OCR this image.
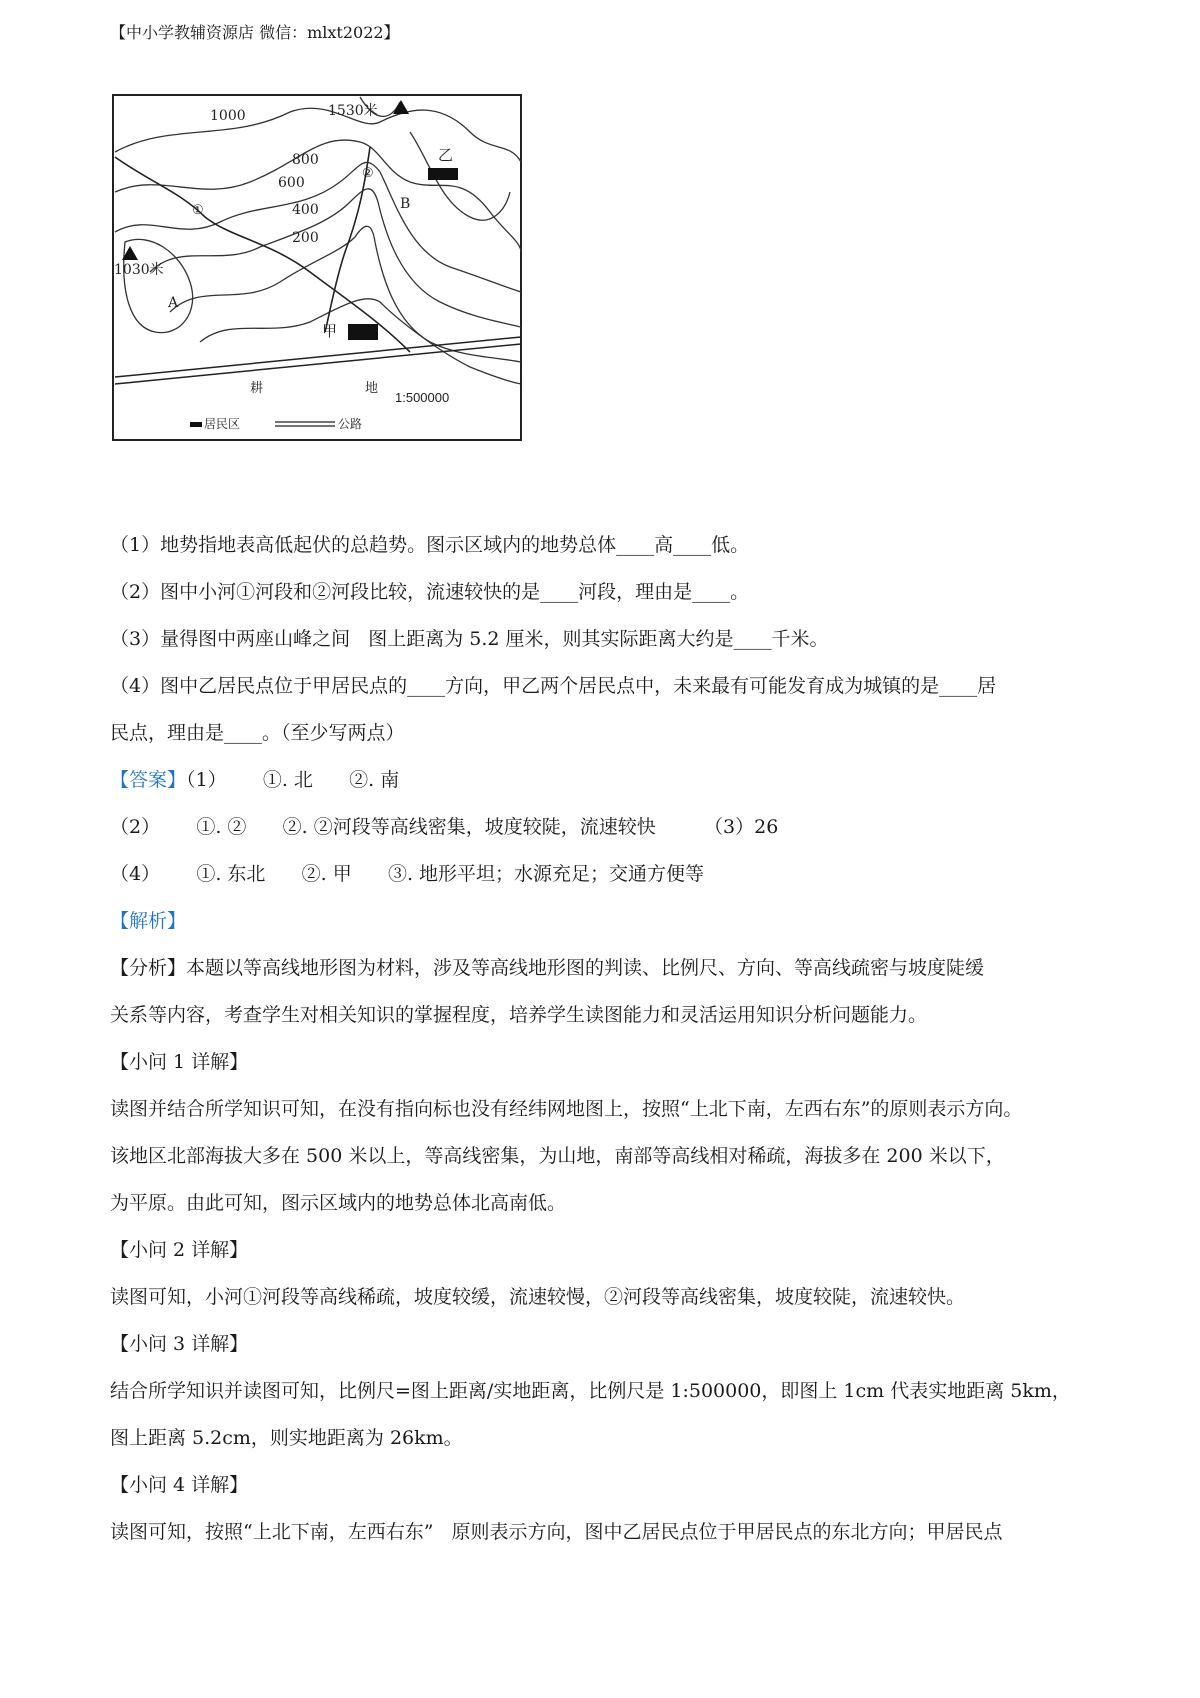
【中小学教辅资源店 微信：mlxt2022】
1000
800
600
400
200
1530米
1030米
①
②
A
B
甲
乙
耕	地
1:500000
居民区	公路
（1）地势指地表高低起伏的总趋势。图示区域内的地势总体____高____低。
（2）图中小河①河段和②河段比较，流速较快的是____河段，理由是____。
（3）量得图中两座山峰之间   图上距离为 5.2 厘米，则其实际距离大约是____千米。
（4）图中乙居民点位于甲居民点的____方向，甲乙两个居民点中，未来最有可能发育成为城镇的是____居
民点，理由是____。（至少写两点）
【答案】（1）      ①. 北      ②. 南
（2）      ①. ②      ②. ②河段等高线密集，坡度较陡，流速较快        （3）26
（4）      ①. 东北      ②. 甲      ③. 地形平坦；水源充足；交通方便等
【解析】
【分析】本题以等高线地形图为材料，涉及等高线地形图的判读、比例尺、方向、等高线疏密与坡度陡缓
关系等内容，考查学生对相关知识的掌握程度，培养学生读图能力和灵活运用知识分析问题能力。
【小问 1 详解】
读图并结合所学知识可知，在没有指向标也没有经纬网地图上，按照“上北下南，左西右东”的原则表示方向。
该地区北部海拔大多在 500 米以上，等高线密集，为山地，南部等高线相对稀疏，海拔多在 200 米以下，
为平原。由此可知，图示区域内的地势总体北高南低。
【小问 2 详解】
读图可知，小河①河段等高线稀疏，坡度较缓，流速较慢，②河段等高线密集，坡度较陡，流速较快。
【小问 3 详解】
结合所学知识并读图可知，比例尺=图上距离/实地距离，比例尺是 1:500000，即图上 1cm 代表实地距离 5km，
图上距离 5.2cm，则实地距离为 26km。
【小问 4 详解】
读图可知，按照“上北下南，左西右东”   原则表示方向，图中乙居民点位于甲居民点的东北方向；甲居民点
